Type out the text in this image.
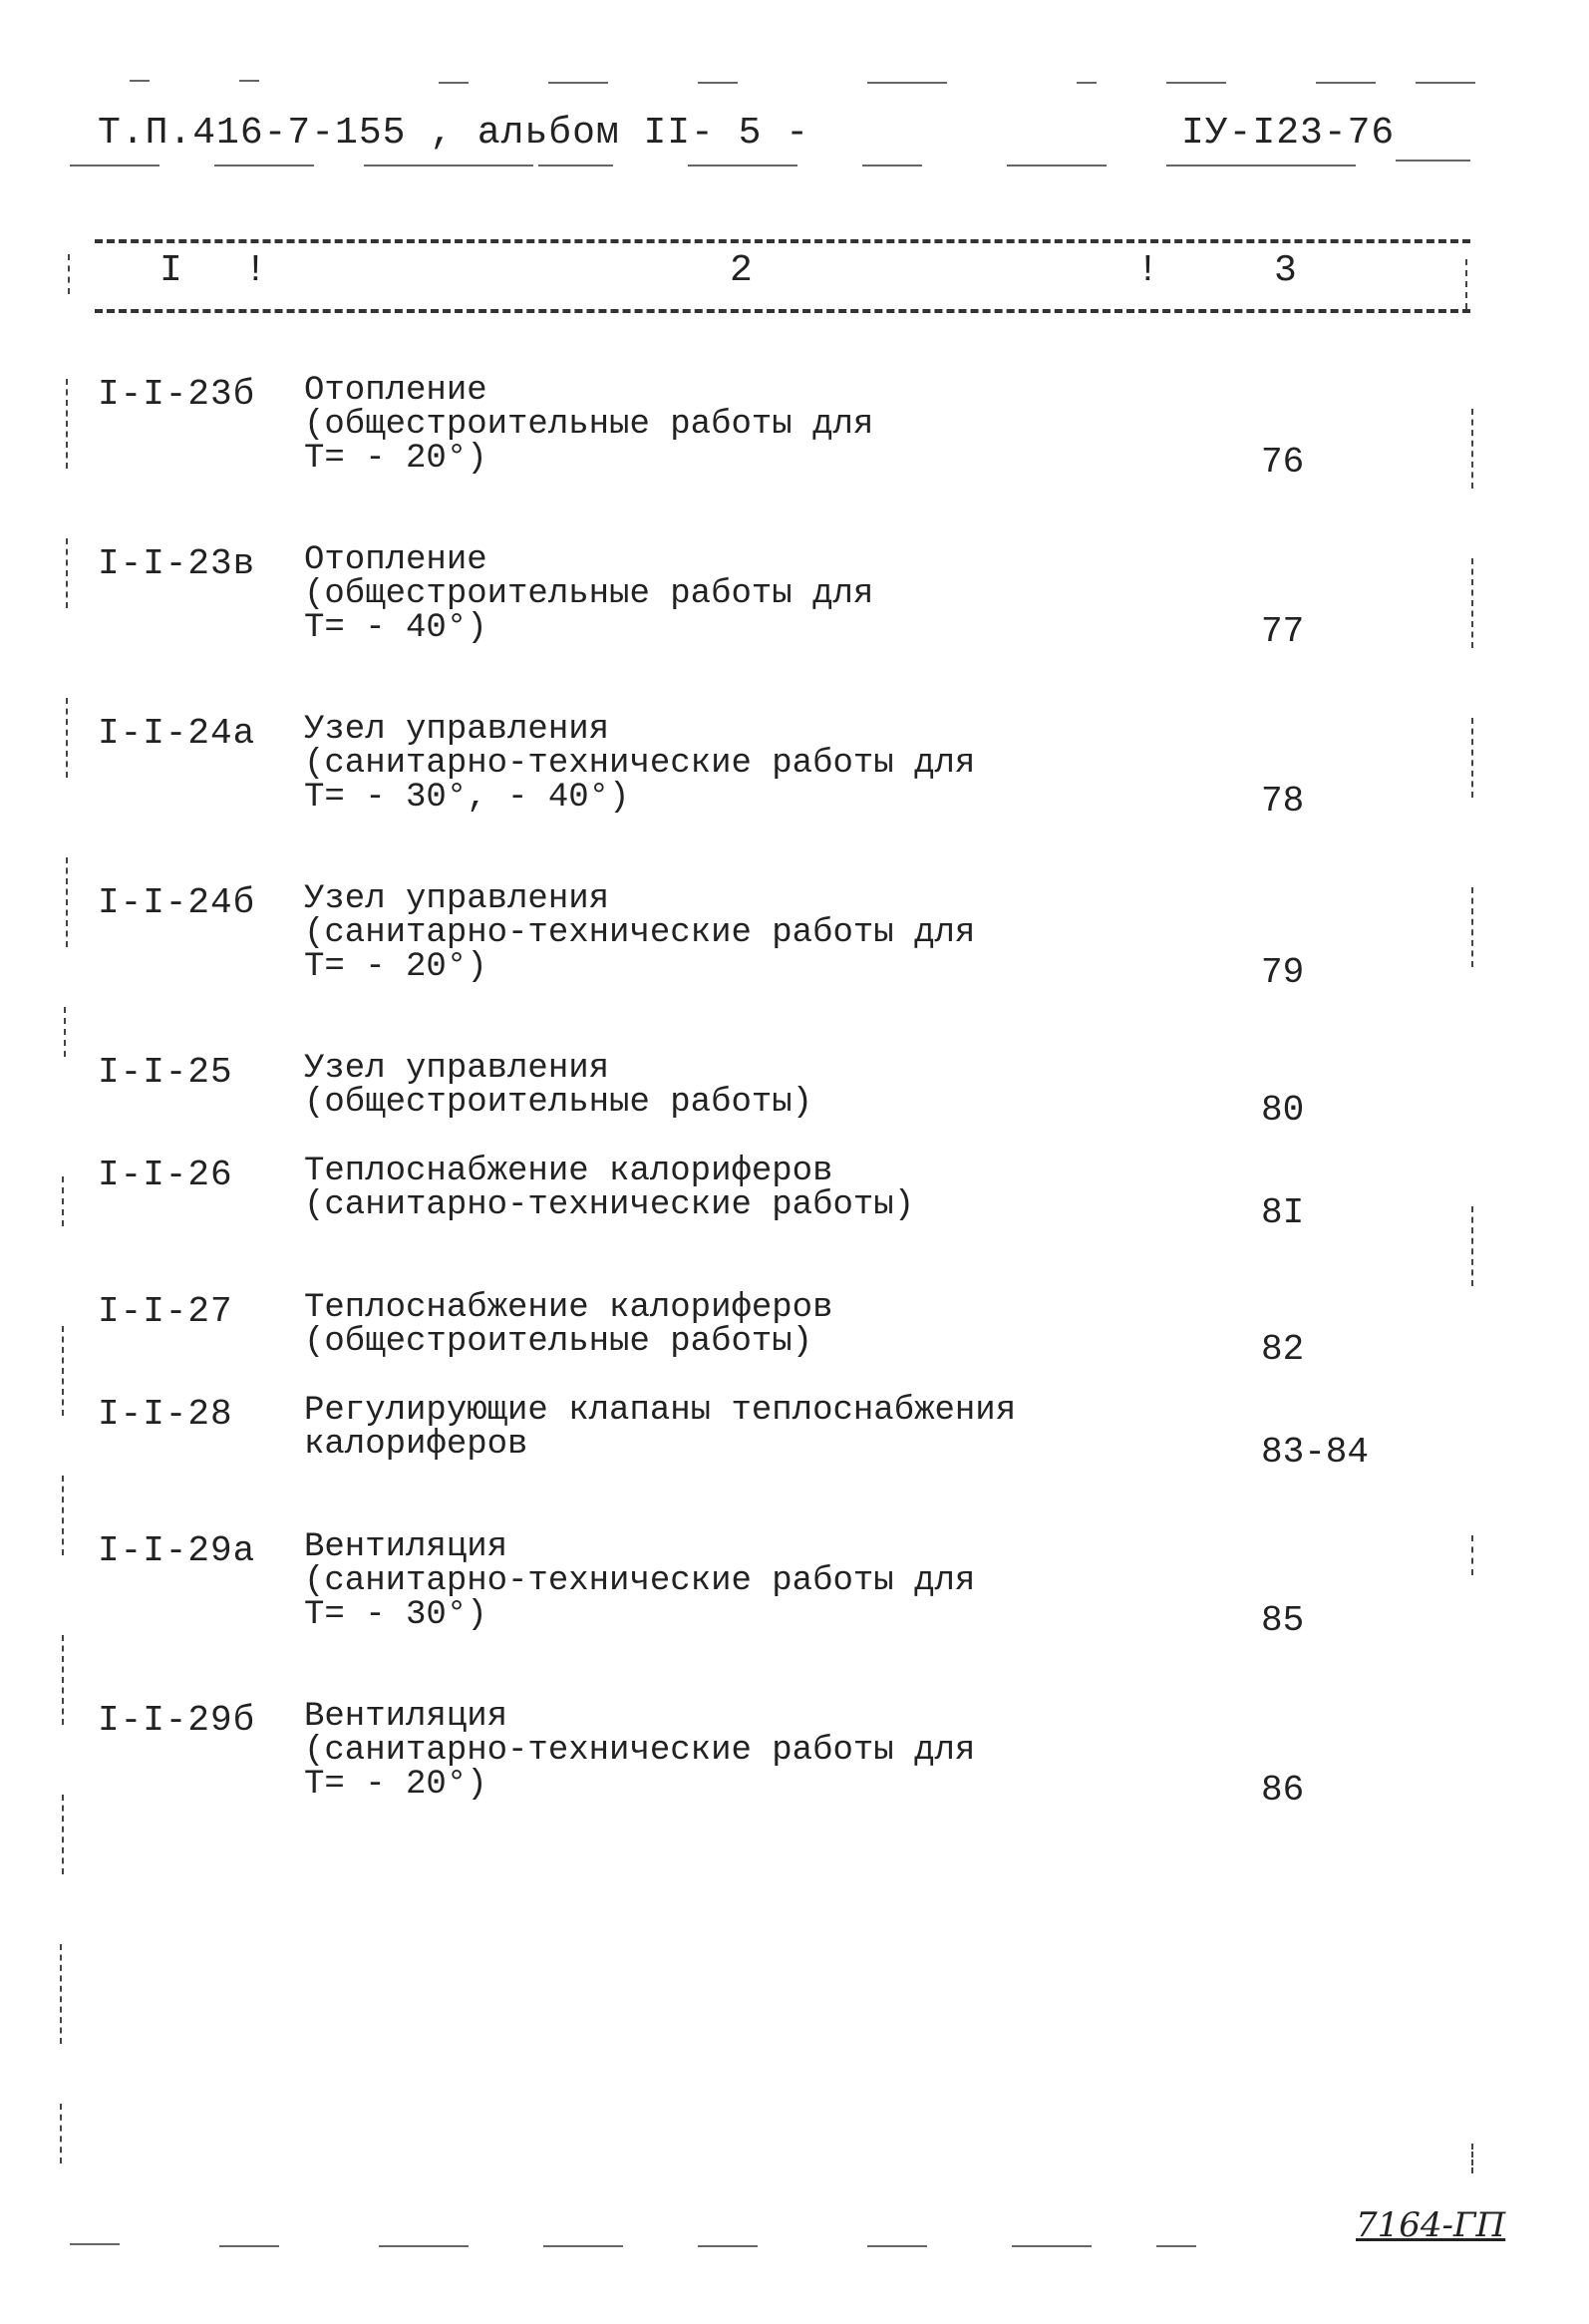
Т.П.416-7-155 , альбом II - 5 -	IУ-I23-76
I !	2	!	3
I-I-23б Отопление
(общестроительные работы для
Т= - 20°)	76
I-I-23в Отопление
(общестроительные работы для
Т= - 40°)	77
I-I-24а Узел управления
(санитарно-технические работы для
Т= - 30°, - 40°)	78
I-I-24б Узел управления
(санитарно-технические работы для
Т= - 20°)	79
I-I-25 Узел управления
(общестроительные работы)	80
I-I-26 Теплоснабжение калориферов
(санитарно-технические работы)	8I
I-I-27 Теплоснабжение калориферов
(общестроительные работы)	82
I-I-28 Регулирующие клапаны теплоснабжения
калориферов	83-84
I-I-29а Вентиляция
(санитарно-технические работы для
Т= - 30°)	85
I-I-29б Вентиляция
(санитарно-технические работы для
Т= - 20°)	86
7164-ГП
